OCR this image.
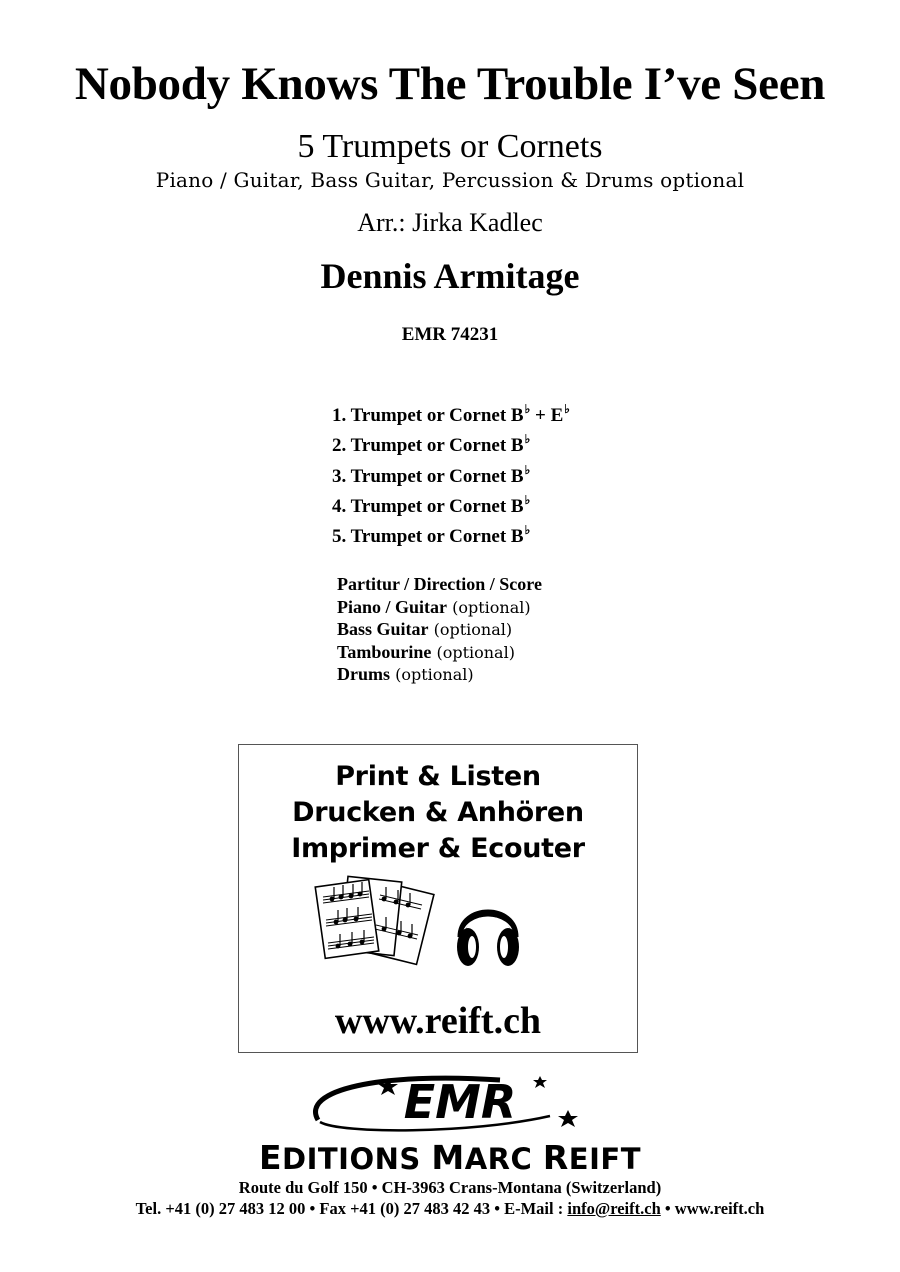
Nobody Knows The Trouble I’ve Seen
5 Trumpets or Cornets
Piano / Guitar, Bass Guitar, Percussion & Drums optional
Arr.: Jirka Kadlec
Dennis Armitage
EMR 74231
1. Trumpet or Cornet B♭ + E♭
2. Trumpet or Cornet B♭
3. Trumpet or Cornet B♭
4. Trumpet or Cornet B♭
5. Trumpet or Cornet B♭
Partitur / Direction / Score
Piano / Guitar (optional)
Bass Guitar (optional)
Tambourine (optional)
Drums (optional)
Print & Listen
Drucken & Anhören
Imprimer & Ecouter
www.reift.ch
EMR
EDITIONS MARC REIFT
Route du Golf 150 • CH-3963 Crans-Montana (Switzerland)
Tel. +41 (0) 27 483 12 00 • Fax +41 (0) 27 483 42 43 • E-Mail : info@reift.ch • www.reift.ch
